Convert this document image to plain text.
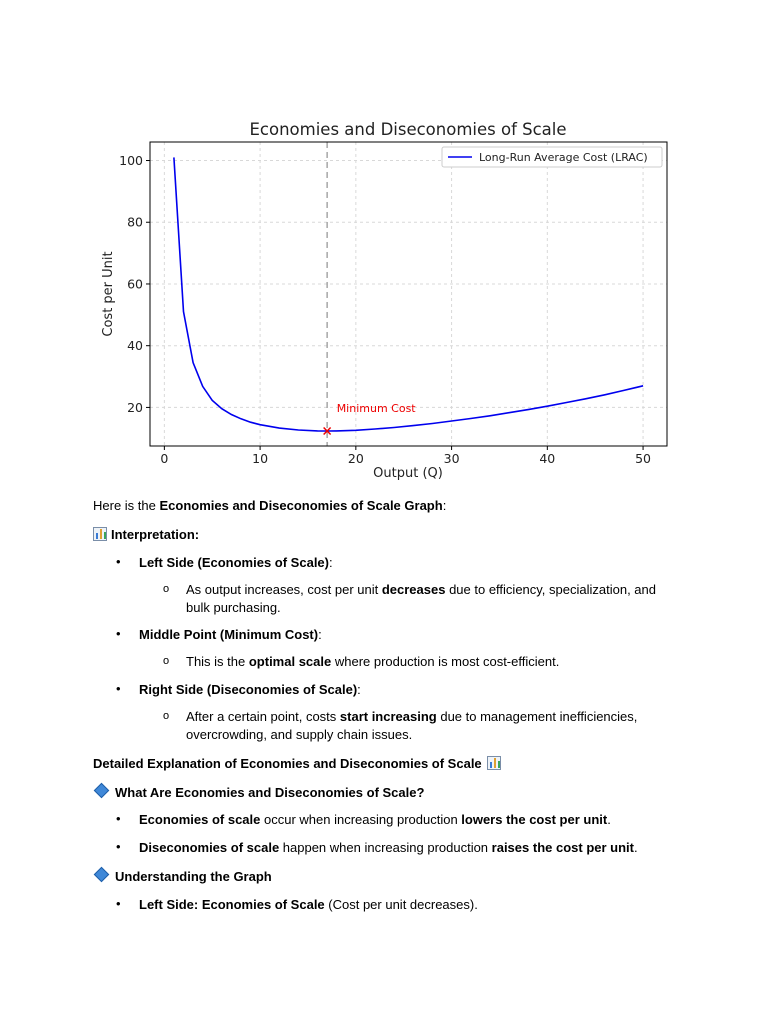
Economies and Diseconomies of Scale
Minimum Cost
0	10	20	30	40	50
20
40
60
80
100
Output (Q)
Cost per Unit
Long-Run Average Cost (LRAC)
Here is the Economies and Diseconomies of Scale Graph:
Interpretation:
• Left Side (Economies of Scale):
o As output increases, cost per unit decreases due to efficiency, specialization, and
bulk purchasing.
• Middle Point (Minimum Cost):
o This is the optimal scale where production is most cost-efficient.
• Right Side (Diseconomies of Scale):
o After a certain point, costs start increasing due to management inefficiencies,
overcrowding, and supply chain issues.
Detailed Explanation of Economies and Diseconomies of Scale
What Are Economies and Diseconomies of Scale?
• Economies of scale occur when increasing production lowers the cost per unit.
• Diseconomies of scale happen when increasing production raises the cost per unit.
Understanding the Graph
• Left Side: Economies of Scale (Cost per unit decreases).
